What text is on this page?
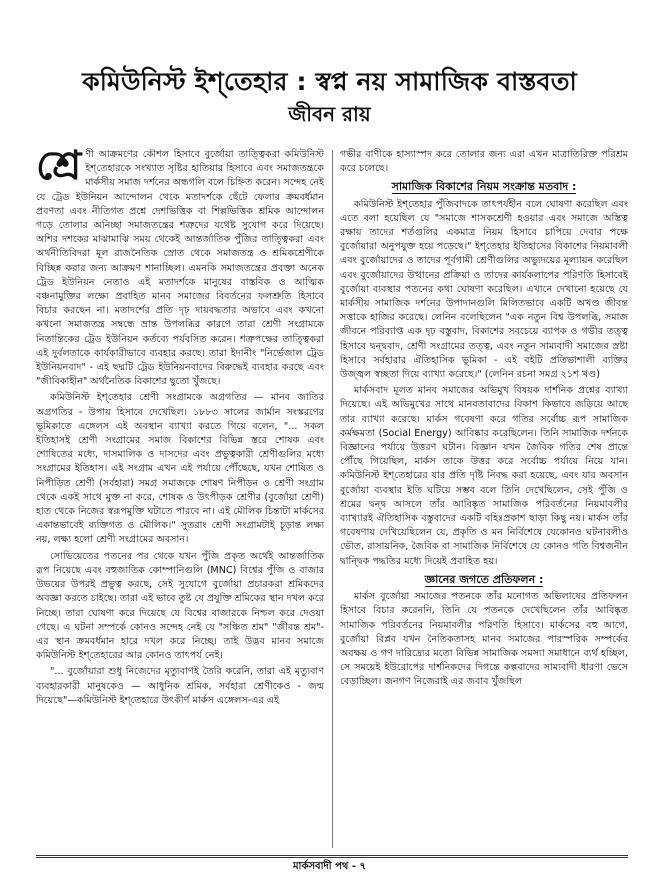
কমিউনিস্ট ইশ্‌তেহার : স্বপ্ন নয় সামাজিক বাস্তবতা
জীবন রায়

শ্রে ণী আক্রমণের কৌশল হিসাবে বুর্জোয়া তাত্ত্বিকরা কমিউনিস্ট ইশ্‌তেহারকে সংখ্যাত সৃষ্টির হাতিয়ার হিসাবে এবং সমাজতন্ত্রকে মার্কসীয় সমাজ দর্শনের অন্ধগলি বলে চিহ্নিত করেন। সন্দেহ নেই যে ট্রেড ইউনিয়ন আন্দোলন থেকে মতাদর্শকে ছেঁটে ফেলার ক্রমবর্ধমান প্রবণতা এবং নীতিগত প্রশ্নে দেশভিত্তিক বা শিল্পভিত্তিক শ্রমিক আন্দোলন গড়ে তোলার অনিচ্ছা সমাজতন্ত্রের শত্রুদের যথেষ্ট সুযোগ করে দিয়েছে। অশির দশকের মাঝামাঝি সময় থেকেই আন্তর্জাতিক পুঁজির তাত্ত্বিকরা এবং অর্থনীতিবিদরা মূল রাজনৈতিক স্রোত থেকে সমাজতন্ত্র ও শ্রমিকশ্রেণীকে বিচ্ছিন্ন করার জন্য আক্রমণ শানাচ্ছিল। এমনকি সমাজতন্ত্রের প্রবক্তা অনেক ট্রেড ইউনিয়ন নেতাও এই মতাদর্শকে মানুষের বাস্তবিক ও আত্মিক বঞ্চনামুক্তির লক্ষ্যে প্রবাহিত মানব সমাজের বিবর্তনের ফলশ্রুতি হিসাবে বিচার করছেন না। মতাদর্শের প্রতি দৃঢ় দায়বদ্ধতার অভাবে এবং কখনো কখনো সমাজতন্ত্র সম্বন্ধে ভ্রান্ত উপলব্ধির কারণে তারা শ্রেণী সংগ্রামকে নিতান্তিকের ট্রেড ইউনিয়ন কর্তব্যে পর্যবসিত করেন। শত্রুপক্ষের তাত্ত্বিকরা এই দুর্বলতাকে কার্যকারীভাবে ব্যবহার করছে। তারা ইদানীং "নির্ভেজাল ট্রেড ইউনিয়নবাদ" - এই ছদ্মটি ট্রেড ইউনিয়নবাদের বিরুদ্ধেই ব্যবহার করছে এবং "জীবিকাহীন" অর্থনৈতিক বিকাশের ছুতো খুঁজছে।

কমিউনিস্ট ইশ্‌তেহার শ্রেণী সংগ্রামকে অগ্রগতির — মানব জাতির অগ্রগতির - উপায় হিসাবে দেখেছিল। ১৮৮৩ সালের জার্মান সংস্করণের ভূমিকাতে এঙ্গেলস এই অবস্থান ব্যাখ্যা করতে গিয়ে বলেন, "... সকল ইতিহাসই শ্রেণী সংগ্রামের সমাজ বিকাশের বিভিন্ন স্তরে শোষক এবং শোষিতের মধ্যে, দাসমালিক ও দাসদের এবং প্রভুত্বকারী শ্রেণীগুলির মধ্যে সংগ্রামের ইতিহাস। এই সংগ্রাম এখন এই পর্যায়ে পৌঁছেছে, যখন শোষিত ও নিপীড়িত শ্রেণী (সর্বহারা) সমগ্র সমাজকে শোষণ নিপীড়ন ও শ্রেণী সংগ্রাম থেকে একই সাথে মুক্ত না করে, শোষক ও উৎপীড়ক শ্রেণীর (বুর্জোয়া শ্রেণী) হাত থেকে নিজের স্বরূপমুক্তি ঘটাতে পারবে না। এই মৌলিক চিন্তাটা মার্কসের একান্তভাবেই ব্যক্তিগত ও মৌলিক।" সুতরাং শ্রেণী সংগ্রামটাই চূড়ান্ত লক্ষ্য নয়, লক্ষ্য হলো শ্রেণী সংগ্রামের অবসান।

সোভিয়েতের পতনের পর থেকে যখন পুঁজি প্রকৃত অর্থেই আন্তর্জাতিক রূপ নিয়েছে এবং বহুজাতিক কোম্পানিগুলি (MNC) বিশ্বের পুঁজি ও বাজার উভয়ের উপরই প্রভুত্ব করছে, সেই সুযোগে বুর্জোয়া প্রচারকরা শ্রমিকদের অবজ্ঞা করতে চাইছে। তারা এই ভাবে তুষ্ট যে প্রযুক্তি শ্রমিকের স্থান দখল করে নিচ্ছে। তারা ঘোষণা করে দিয়েছে যে বিশ্বের বাজারকে নিশ্চল করে দেওয়া গেছে। এ ঘটনা সম্পর্কে কোনও সন্দেহ নেই যে "সঞ্চিত শ্রম" "জীবন্ত শ্রম"-এর স্থান ক্রমবর্ধমান হারে দখল করে নিচ্ছে। তাই উদ্ভব মানব সমাজে কমিউনিস্ট ইশ্‌তেহারের আর কোনও তাৎপর্য নেই।

"... বুর্জোয়ারা শুধু নিজেদের মৃত্যুবাণই তৈরি করেনি, তারা এই মৃত্যুবাণ ব্যবহারকারী মানুষকেও — আধুনিক শ্রমিক, সর্বহারা শ্রেণীকেও - জন্ম দিয়েছে"—কমিউনিস্ট ইশ্‌তেহারে উৎকীর্ণ মার্কস এঙ্গেলস-এর এই

গভীর বাণীকে হাস্যাস্পদ করে তোলার জন্য এরা এখন মাত্রাতিরিক্ত পরিশ্রম করে চলেছে।

সামাজিক বিকাশের নিয়ম সংক্রান্ত মতবাদ :

কমিউনিস্ট ইশ্‌তেহার পুঁজিবাদকে তাৎপর্যহীন বলে ঘোষণা করেছিল এবং এতে বলা হয়েছিল যে "সমাজে শাসকশ্রেণী হওয়ার এবং সমাজে অস্তিত্ব রক্ষায় তাদের শর্তগুলির একমাত্র নিয়ম হিসাবে চাপিয়ে দেবার পক্ষে বুর্জোয়ারা অনুপযুক্ত হয়ে পড়েছে।" ইশ্‌তেহার ইতিহাসের বিকাশের নিয়মাবলী এবং বুর্জোয়াদের ও তাদের পূর্বগামী শ্রেণীগুলির অভ্যুদয়ের মূল্যায়ন করেছিল এবং বুর্জোয়াদের উত্থানের প্রক্রিয়া ও তাদের কার্যকলাপের পরিণতি হিসাবেই বুর্জোয়া ব্যবস্থার পতনের কথা ঘোষণা করেছিল। এখানে দেখানো হয়েছে যে মার্কসীয় সামাজিক দর্শনের উপাদানগুলি মিলিতভাবে একটি অখণ্ড জীবন্ত সত্তাকে হাজির করেছে। লেনিন বলেছিলেন "এক নতুন বিশ্ব উপলব্ধি, সমাজ জীবনে পরিব্যাপ্ত এক দৃঢ় বস্তুবাদ, বিকাশের সবচেয়ে ব্যাপক ও গভীর তত্ত্ব হিসাবে দ্বন্দ্ববাদ, শ্রেণী সংগ্রামের তত্ত্ব, এবং নতুন সাম্যবাদী সমাজের স্রষ্টা হিসাবে সর্বহারার ঐতিহাসিক ভূমিকা - এই বইটি প্রতিভাশালী ব্যক্তির উজ্জ্বল স্বচ্ছতা দিয়ে ব্যাখ্যা করেছে।" (লেনিন রচনা সমগ্র ২১শ খণ্ড)

মার্কসবাদ মূলত মানব সমাজের অভিমুখ বিষয়ক দার্শনিক প্রশ্নের ব্যাখ্যা দিয়েছে। এই অভিমুখের সাথে মানবতাবাদের বিকাশ কিভাবে জড়িয়ে আছে তার ব্যাখ্যা করেছে। মার্কস গবেষণা করে গতির সর্বোচ্চ রূপ সামাজিক কর্মক্ষমতা (Social Energy) আবিষ্কার করেছিলেন। তিনি সামাজিক দর্শনকে বিজ্ঞানের পর্যায়ে উত্তরণ ঘটান। বিজ্ঞান যখন জৈবিক গতির শেষ প্রান্তে পৌঁছে গিয়েছিল, মার্কস তাকে উত্তর করে সর্বোচ্চ পর্যায়ে নিয়ে যান। কমিউনিস্ট ইশ্‌তেহারের যার প্রতি দৃষ্টি নিবদ্ধ করা হয়েছে, এবং যার অবসান বুর্জোয়া ব্যবস্থার ইতি ঘটিয়ে সম্ভব বলে তিনি দেখেছিলেন, সেই পুঁজি ও শ্রমের দ্বন্দ্ব আসলে তাঁর আবিষ্কৃত সামাজিক পরিবর্তনের নিয়মাবলীর ব্যাখ্যারই ঐতিহাসিক বস্তুবাদের একটি বহিঃপ্রকাশ ছাড়া কিছু নয়। মার্কস তাঁর গবেষণায় দেখিয়েছিলেন যে, প্রকৃতি ও মন নির্বিশেষে যেকোনও ঘটনাবলীও ভৌত, রাসায়নিক, জৈবিক বা সামাজিক নির্বিশেষে যে কোনও গতি বিশ্বজনীন দ্বান্দ্বিক পদ্ধতির মধ্যে দিয়েই প্রবাহিত হয়।

জ্ঞানের জগতে প্রতিফলন :

মার্কস বুর্জোয়া সমাজের পতনকে তাঁর মনোগত অভিলাষের প্রতিফলন হিসাবে বিচার করেননি, তিনি যে পতনকে দেখেছিলেন তাঁর আবিষ্কৃত সামাজিক পরিবর্তনের নিয়মাবলীর পরিণতি হিসাবে। মার্কসের বহু আগে, বুর্জোয়া বিপ্লব যখন নৈতিকতাসহ মানব সমাজের পারস্পরিক সম্পর্কের অবক্ষয় ও গণ দারিদ্র্যের মতো বিভিন্ন সামাজিক সমস্যা সমাধানে ব্যর্থ হচ্ছিল, সে সময়েই ইউরোপের দার্শনিকদের দিগন্তে কল্পবাদের সাম্যবাদী ধারণা ভেসে বেড়াচ্ছিল। জনগণ নিজেরাই এর জবাব খুঁজছিল

মার্কসবাদী পথ - ৭
